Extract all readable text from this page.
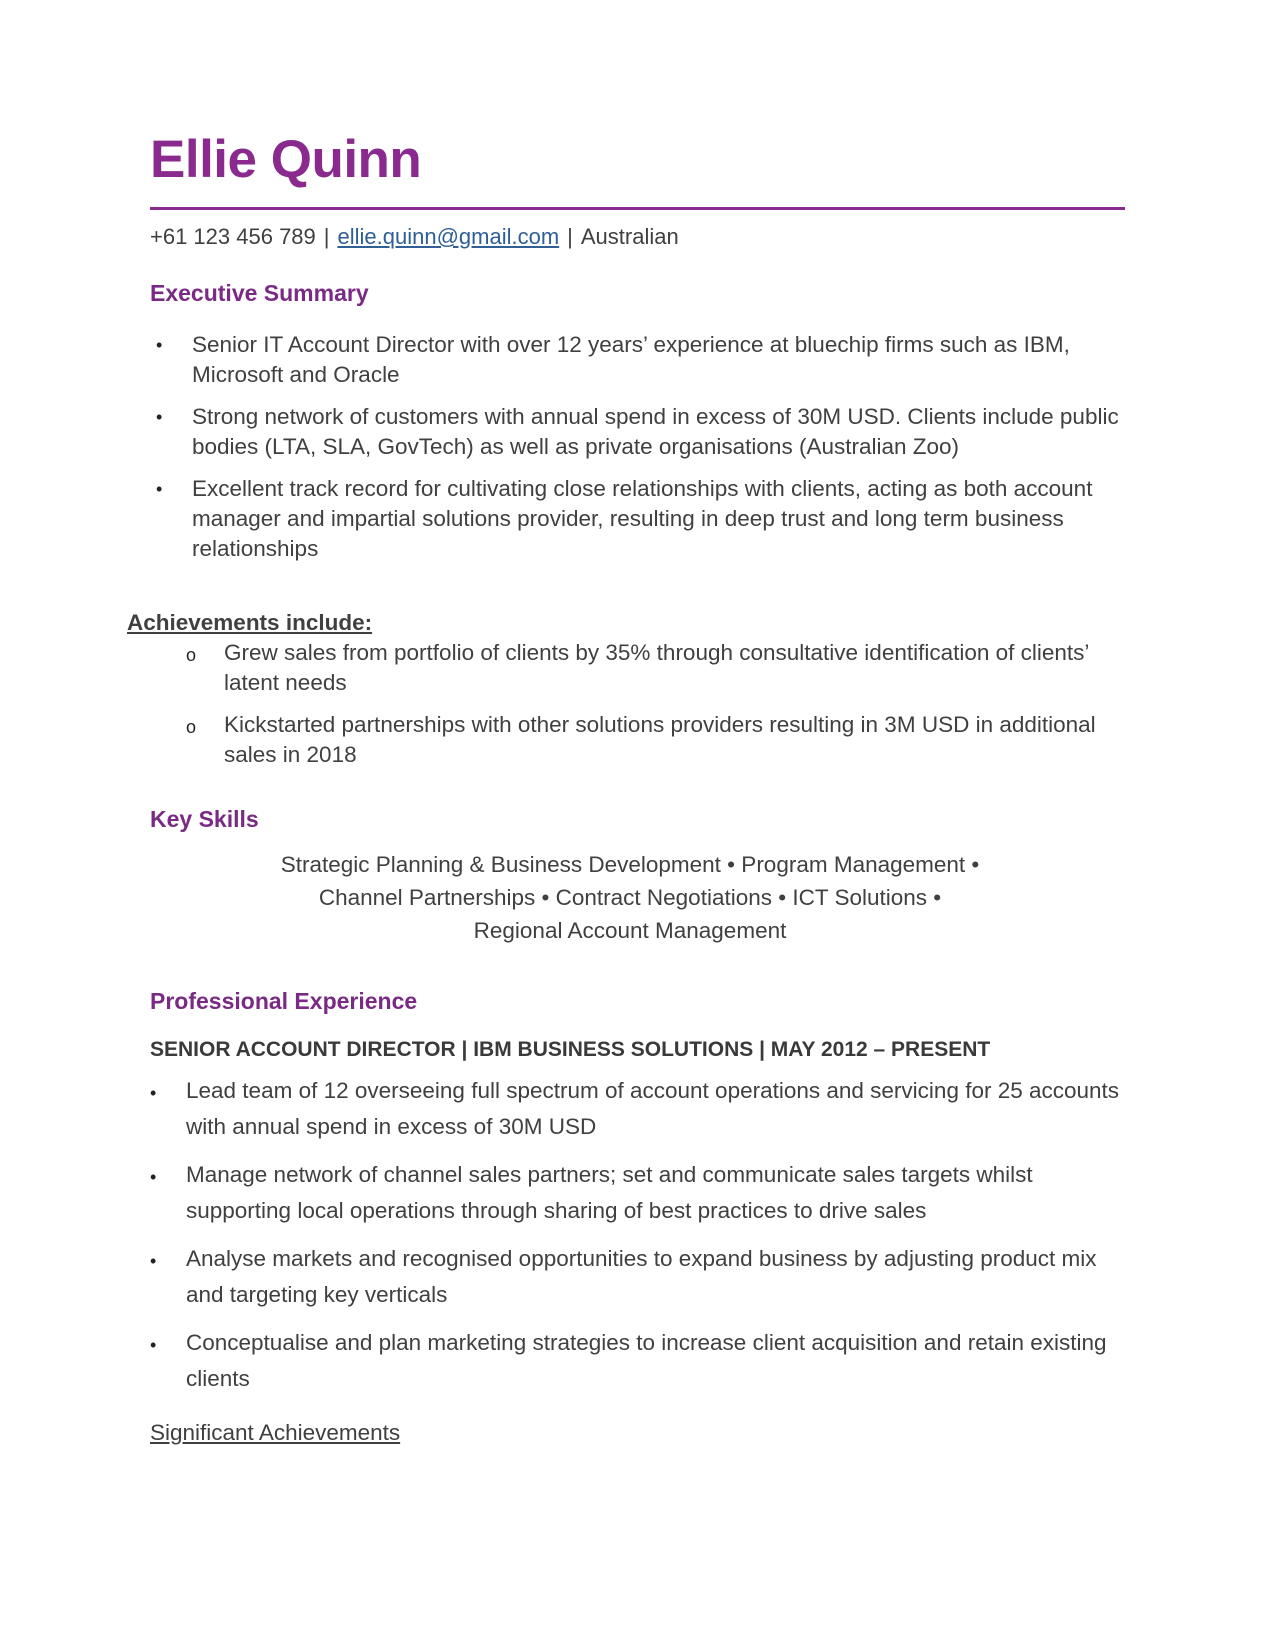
Ellie Quinn
+61 123 456 789 | ellie.quinn@gmail.com | Australian
Executive Summary
• Senior IT Account Director with over 12 years’ experience at bluechip firms such as IBM, Microsoft and Oracle
• Strong network of customers with annual spend in excess of 30M USD. Clients include public bodies (LTA, SLA, GovTech) as well as private organisations (Australian Zoo)
• Excellent track record for cultivating close relationships with clients, acting as both account manager and impartial solutions provider, resulting in deep trust and long term business relationships
Achievements include:
o Grew sales from portfolio of clients by 35% through consultative identification of clients’ latent needs
o Kickstarted partnerships with other solutions providers resulting in 3M USD in additional sales in 2018
Key Skills
Strategic Planning & Business Development • Program Management •
Channel Partnerships • Contract Negotiations • ICT Solutions •
Regional Account Management
Professional Experience
SENIOR ACCOUNT DIRECTOR | IBM BUSINESS SOLUTIONS | MAY 2012 – PRESENT
• Lead team of 12 overseeing full spectrum of account operations and servicing for 25 accounts with annual spend in excess of 30M USD
• Manage network of channel sales partners; set and communicate sales targets whilst supporting local operations through sharing of best practices to drive sales
• Analyse markets and recognised opportunities to expand business by adjusting product mix and targeting key verticals
• Conceptualise and plan marketing strategies to increase client acquisition and retain existing clients
Significant Achievements
